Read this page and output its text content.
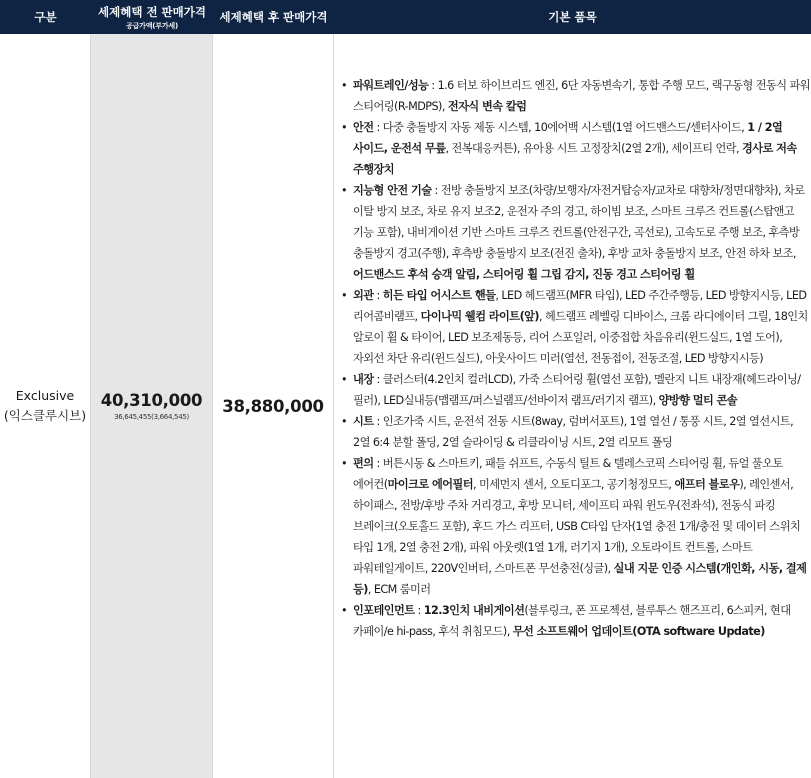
구분	세제혜택 전 판매가격
공급가액(부가세)
세제혜택 후 판매가격	기본 품목
Exclusive
(익스클루시브)
40,310,000
36,645,455(3,664,545)
38,880,000
• 파워트레인/성능 : 1.6 터보 하이브리드 엔진, 6단 자동변속기, 통합 주행 모드, 랙구동형 전동식 파워 스티어링(R-MDPS), 전자식 변속 칼럼
• 안전 : 다중 충돌방지 자동 제동 시스템, 10에어백 시스템(1열 어드밴스드/센터사이드, 1 / 2열 사이드, 운전석 무릎, 전복대응커튼), 유아용 시트 고정장치(2열 2개), 세이프티 언락, 경사로 저속 주행장치
• 지능형 안전 기술 : 전방 충돌방지 보조(차량/보행자/자전거탑승자/교차로 대향차/정면대향차), 차로 이탈 방지 보조, 차로 유지 보조2, 운전자 주의 경고, 하이빔 보조, 스마트 크루즈 컨트롤(스탑앤고 기능 포함), 내비게이션 기반 스마트 크루즈 컨트롤(안전구간, 곡선로), 고속도로 주행 보조, 후측방 충돌방지 경고(주행), 후측방 충돌방지 보조(전진 출차), 후방 교차 충돌방지 보조, 안전 하차 보조, 어드밴스드 후석 승객 알림, 스티어링 휠 그립 감지, 진동 경고 스티어링 휠
• 외관 : 히든 타입 어시스트 핸들, LED 헤드램프(MFR 타입), LED 주간주행등, LED 방향지시등, LED 리어콤비램프, 다이나믹 웰컴 라이트(앞), 헤드램프 레벨링 디바이스, 크롬 라디에이터 그릴, 18인치 알로이 휠 & 타이어, LED 보조제동등, 리어 스포일러, 이중접합 차음유리(윈드실드, 1열 도어), 자외선 차단 유리(윈드실드), 아웃사이드 미러(열선, 전동접이, 전동조절, LED 방향지시등)
• 내장 : 클러스터(4.2인치 컬러LCD), 가죽 스티어링 휠(열선 포함), 멜란지 니트 내장재(헤드라이닝/필러), LED실내등(맵램프/퍼스널램프/선바이저 램프/러기지 램프), 양방향 멀티 콘솔
• 시트 : 인조가죽 시트, 운전석 전동 시트(8way, 럼버서포트), 1열 열선 / 통풍 시트, 2열 열선시트, 2열 6:4 분할 폴딩, 2열 슬라이딩 & 리클라이닝 시트, 2열 리모트 폴딩
• 편의 : 버튼시동 & 스마트키, 패들 쉬프트, 수동식 틸트 & 텔레스코픽 스티어링 휠, 듀얼 풀오토 에어컨(마이크로 에어필터, 미세먼지 센서, 오토디포그, 공기청정모드, 애프터 블로우), 레인센서, 하이패스, 전방/후방 주차 거리경고, 후방 모니터, 세이프티 파워 윈도우(전좌석), 전동식 파킹 브레이크(오토홀드 포함), 후드 가스 리프터, USB C타입 단자(1열 충전 1개/충전 및 데이터 스위치 타입 1개, 2열 충전 2개), 파워 아웃렛(1열 1개, 러기지 1개), 오토라이트 컨트롤, 스마트 파워테일게이트, 220V인버터, 스마트폰 무선충전(싱글), 실내 지문 인증 시스템(개인화, 시동, 결제 등), ECM 룸미러
• 인포테인먼트 : 12.3인치 내비게이션(블루링크, 폰 프로젝션, 블루투스 핸즈프리, 6스피커, 현대 카페이/e hi-pass, 후석 취침모드), 무선 소프트웨어 업데이트(OTA software Update)
